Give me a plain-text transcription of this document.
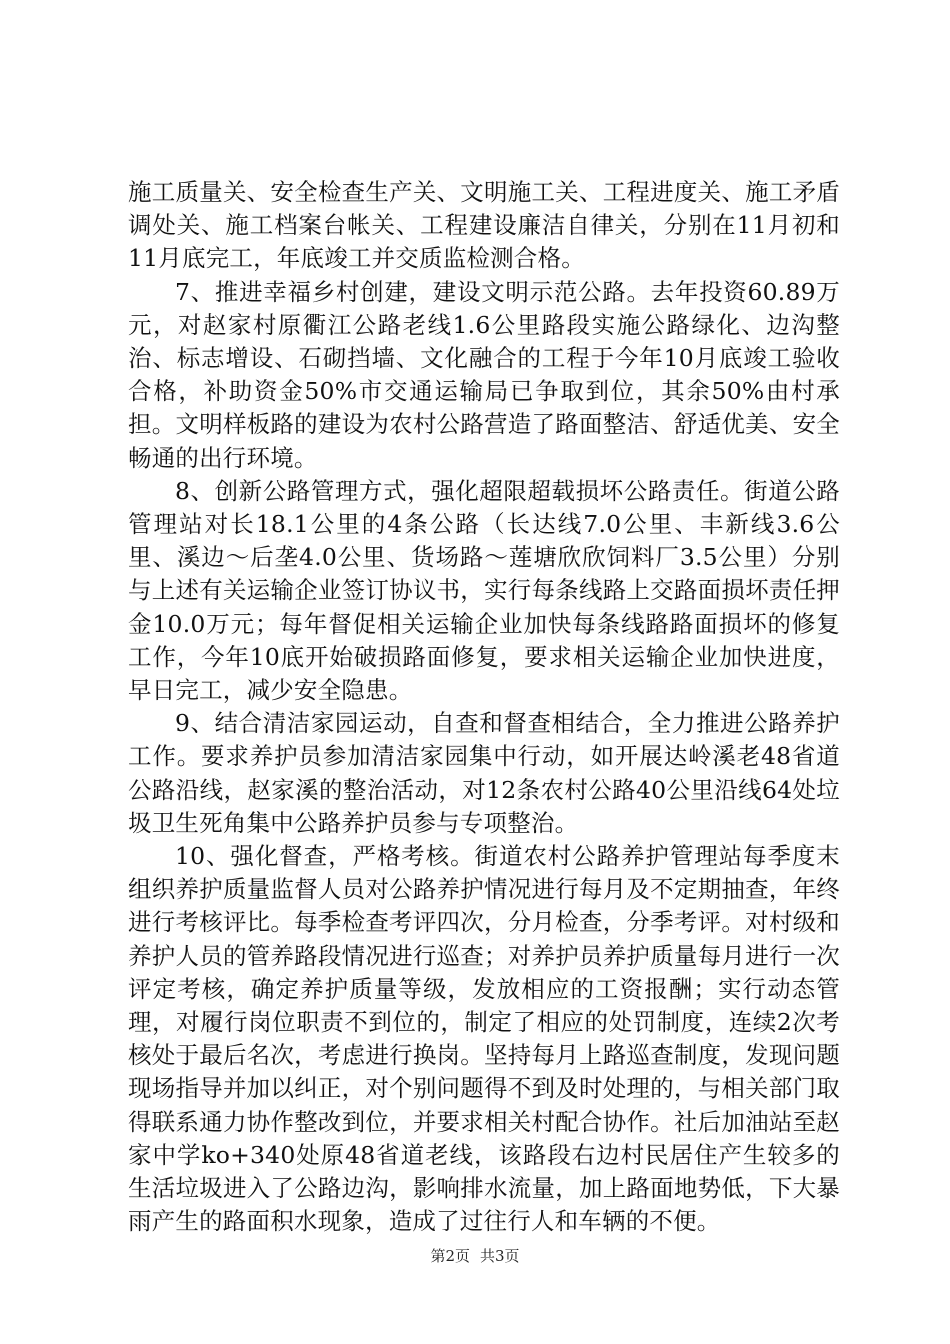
施工质量关、安全检查生产关、文明施工关、工程进度关、施工矛盾调处关、施工档案台帐关、工程建设廉洁自律关，分别在11月初和11月底完工，年底竣工并交质监检测合格。

7、推进幸福乡村创建，建设文明示范公路。去年投资60.89万元，对赵家村原衢江公路老线1.6公里路段实施公路绿化、边沟整治、标志增设、石砌挡墙、文化融合的工程于今年10月底竣工验收合格，补助资金50%市交通运输局已争取到位，其余50%由村承担。文明样板路的建设为农村公路营造了路面整洁、舒适优美、安全畅通的出行环境。

8、创新公路管理方式，强化超限超载损坏公路责任。街道公路管理站对长18.1公里的4条公路（长达线7.0公里、丰新线3.6公里、溪边～后垄4.0公里、货场路～莲塘欣欣饲料厂3.5公里）分别与上述有关运输企业签订协议书，实行每条线路上交路面损坏责任押金10.0万元；每年督促相关运输企业加快每条线路路面损坏的修复工作，今年10底开始破损路面修复，要求相关运输企业加快进度，早日完工，减少安全隐患。

9、结合清洁家园运动，自查和督查相结合，全力推进公路养护工作。要求养护员参加清洁家园集中行动，如开展达岭溪老48省道公路沿线，赵家溪的整治活动，对12条农村公路40公里沿线64处垃圾卫生死角集中公路养护员参与专项整治。

10、强化督查，严格考核。街道农村公路养护管理站每季度末组织养护质量监督人员对公路养护情况进行每月及不定期抽查，年终进行考核评比。每季检查考评四次，分月检查，分季考评。对村级和养护人员的管养路段情况进行巡查；对养护员养护质量每月进行一次评定考核，确定养护质量等级，发放相应的工资报酬；实行动态管理，对履行岗位职责不到位的，制定了相应的处罚制度，连续2次考核处于最后名次，考虑进行换岗。坚持每月上路巡查制度，发现问题现场指导并加以纠正，对个别问题得不到及时处理的，与相关部门取得联系通力协作整改到位，并要求相关村配合协作。社后加油站至赵家中学ko+340处原48省道老线，该路段右边村民居住产生较多的生活垃圾进入了公路边沟，影响排水流量，加上路面地势低，下大暴雨产生的路面积水现象，造成了过往行人和车辆的不便。

第2页 共3页
